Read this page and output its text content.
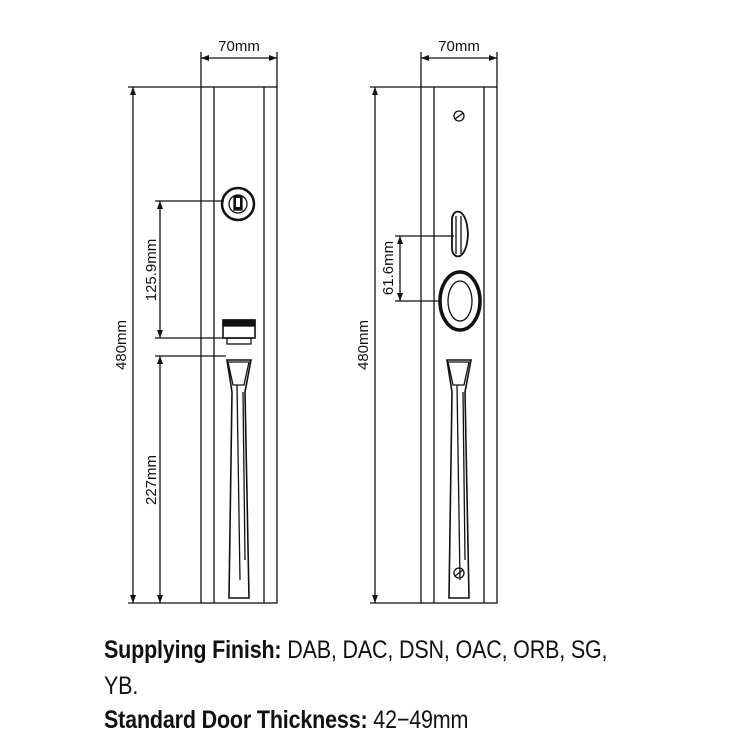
70mm
480mm
125.9mm
227mm
70mm
480mm
61.6mm
Supplying Finish: DAB, DAC, DSN, OAC, ORB, SG,
YB.
Standard Door Thickness: 42−49mm
